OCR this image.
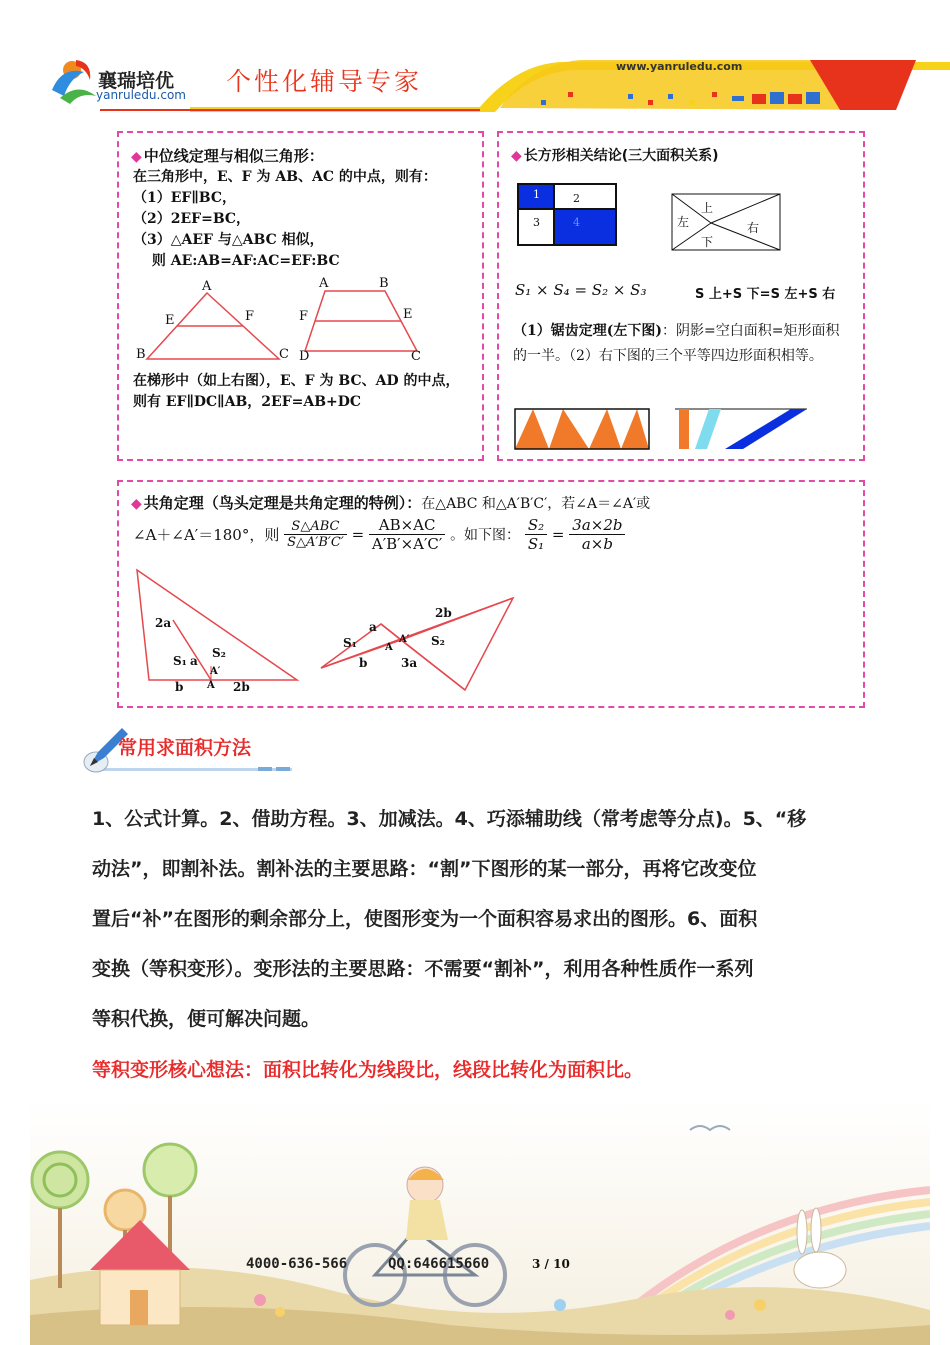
襄瑞培优
yanruledu.com 个性化辅导专家
www.yanruledu.com
◆ 中位线定理与相似三角形：
在三角形中，E、F 为 AB、AC 的中点，则有：
（1）EF∥BC，
（2）2EF=BC，
（3）△AEF 与△ABC 相似，
　 则 AE:AB=AF:AC=EF:BC
A
E	F
B	C
A	B
F	E
D	C
在梯形中（如上右图），E、F 为 BC、AD 的中点，
则有 EF∥DC∥AB，2EF=AB+DC
◆ 长方形相关结论(三大面积关系)
1	2
3	4
上
左	右
下
S₁ × S₄ = S₂ × S₃	S 上+S 下=S 左+S 右
（1）锯齿定理(左下图)：阴影=空白面积=矩形面积的一半。（2）右下图的三个平等四边形面积相等。
◆ 共角定理（鸟头定理是共角定理的特例）：在△ABC 和△A′B′C′，若∠A＝∠A′或
∠A＋∠A′＝180°，则 $\frac{\text{S△ABC}}{S\triangle A'B'C'} = \frac{AB\times AC}{A'B'\times A'C'}$ 。如下图： $\frac{\text{S₂}}{\text{S₁}} = \frac{3a\times 2b}{a\times b}$
2a
S₁ a
S₂
A′
b A 2b
2b
a
S₁	A
A′ S₂
b	3a
常用求面积方法
1、公式计算。2、借助方程。3、加减法。4、巧添辅助线（常考虑等分点)。5、“移
动法”，即割补法。割补法的主要思路：“割”下图形的某一部分，再将它改变位
置后“补”在图形的剩余部分上，使图形变为一个面积容易求出的图形。6、面积
变换（等积变形）。变形法的主要思路：不需要“割补”，利用各种性质作一系列
等积代换，便可解决问题。
等积变形核心想法：面积比转化为线段比，线段比转化为面积比。
4000-636-566	QQ:646615660	3 / 10
